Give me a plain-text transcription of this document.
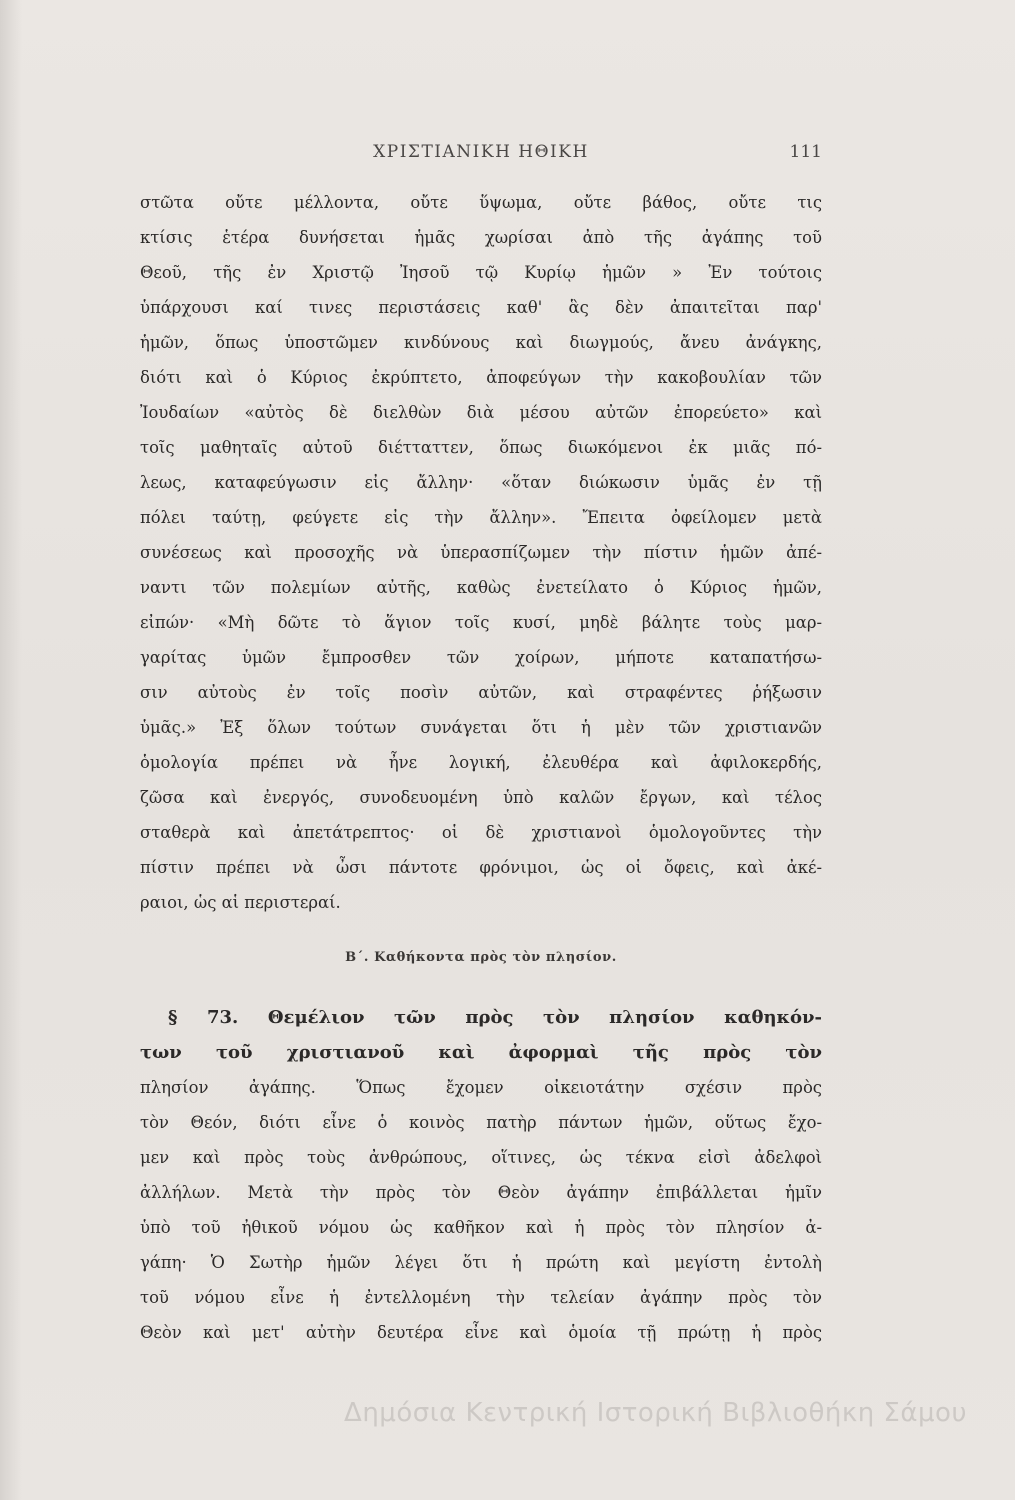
ΧΡΙΣΤΙΑΝΙΚΗ ΗΘΙΚΗ	111
στῶτα οὔτε μέλλοντα, οὔτε ὕψωμα, οὔτε βάθος, οὔτε τις
κτίσις ἑτέρα δυνήσεται ἡμᾶς χωρίσαι ἀπὸ τῆς ἀγάπης τοῦ
Θεοῦ, τῆς ἐν Χριστῷ Ἰησοῦ τῷ Κυρίῳ ἡμῶν » Ἐν τούτοις
ὑπάρχουσι καί τινες περιστάσεις καθ' ἃς δὲν ἀπαιτεῖται παρ'
ἡμῶν, ὅπως ὑποστῶμεν κινδύνους καὶ διωγμούς, ἄνευ ἀνάγκης,
διότι καὶ ὁ Κύριος ἐκρύπτετο, ἀποφεύγων τὴν κακοβουλίαν τῶν
Ἰουδαίων «αὐτὸς δὲ διελθὼν διὰ μέσου αὐτῶν ἐπορεύετο» καὶ
τοῖς μαθηταῖς αὐτοῦ διέτταττεν, ὅπως διωκόμενοι ἐκ μιᾶς πό-
λεως, καταφεύγωσιν εἰς ἄλλην· «ὅταν διώκωσιν ὑμᾶς ἐν τῇ
πόλει ταύτῃ, φεύγετε εἰς τὴν ἄλλην». Ἔπειτα ὀφείλομεν μετὰ
συνέσεως καὶ προσοχῆς νὰ ὑπερασπίζωμεν τὴν πίστιν ἡμῶν ἀπέ-
ναντι τῶν πολεμίων αὐτῆς, καθὼς ἐνετείλατο ὁ Κύριος ἡμῶν,
εἰπών· «Μὴ δῶτε τὸ ἅγιον τοῖς κυσί, μηδὲ βάλητε τοὺς μαρ-
γαρίτας ὑμῶν ἔμπροσθεν τῶν χοίρων, μήποτε καταπατήσω-
σιν αὐτοὺς ἐν τοῖς ποσὶν αὐτῶν, καὶ στραφέντες ῥήξωσιν
ὑμᾶς.» Ἐξ ὅλων τούτων συνάγεται ὅτι ἡ μὲν τῶν χριστιανῶν
ὁμολογία πρέπει νὰ ἦνε λογική, ἐλευθέρα καὶ ἀφιλοκερδής,
ζῶσα καὶ ἐνεργός, συνοδευομένη ὑπὸ καλῶν ἔργων, καὶ τέλος
σταθερὰ καὶ ἀπετάτρεπτος· οἱ δὲ χριστιανοὶ ὁμολογοῦντες τὴν
πίστιν πρέπει νὰ ὦσι πάντοτε φρόνιμοι, ὡς οἱ ὄφεις, καὶ ἀκέ-
ραιοι, ὡς αἱ περιστεραί.
Β΄. Καθήκοντα πρὸς τὸν πλησίον.
§ 73. Θεμέλιον τῶν πρὸς τὸν πλησίον καθηκόν-
των τοῦ χριστιανοῦ καὶ ἀφορμαὶ τῆς πρὸς τὸν
πλησίον ἀγάπης. Ὅπως ἔχομεν οἰκειοτάτην σχέσιν πρὸς
τὸν Θεόν, διότι εἶνε ὁ κοινὸς πατὴρ πάντων ἡμῶν, οὕτως ἔχο-
μεν καὶ πρὸς τοὺς ἀνθρώπους, οἵτινες, ὡς τέκνα εἰσὶ ἀδελφοὶ
ἀλλήλων. Μετὰ τὴν πρὸς τὸν Θεὸν ἀγάπην ἐπιβάλλεται ἡμῖν
ὑπὸ τοῦ ἠθικοῦ νόμου ὡς καθῆκον καὶ ἡ πρὸς τὸν πλησίον ἀ-
γάπη· Ὁ Σωτὴρ ἡμῶν λέγει ὅτι ἡ πρώτη καὶ μεγίστη ἐντολὴ
τοῦ νόμου εἶνε ἡ ἐντελλομένη τὴν τελείαν ἀγάπην πρὸς τὸν
Θεὸν καὶ μετ' αὐτὴν δευτέρα εἶνε καὶ ὁμοία τῇ πρώτῃ ἡ πρὸς
Δημόσια Κεντρική Ιστορική Βιβλιοθήκη Σάμου
